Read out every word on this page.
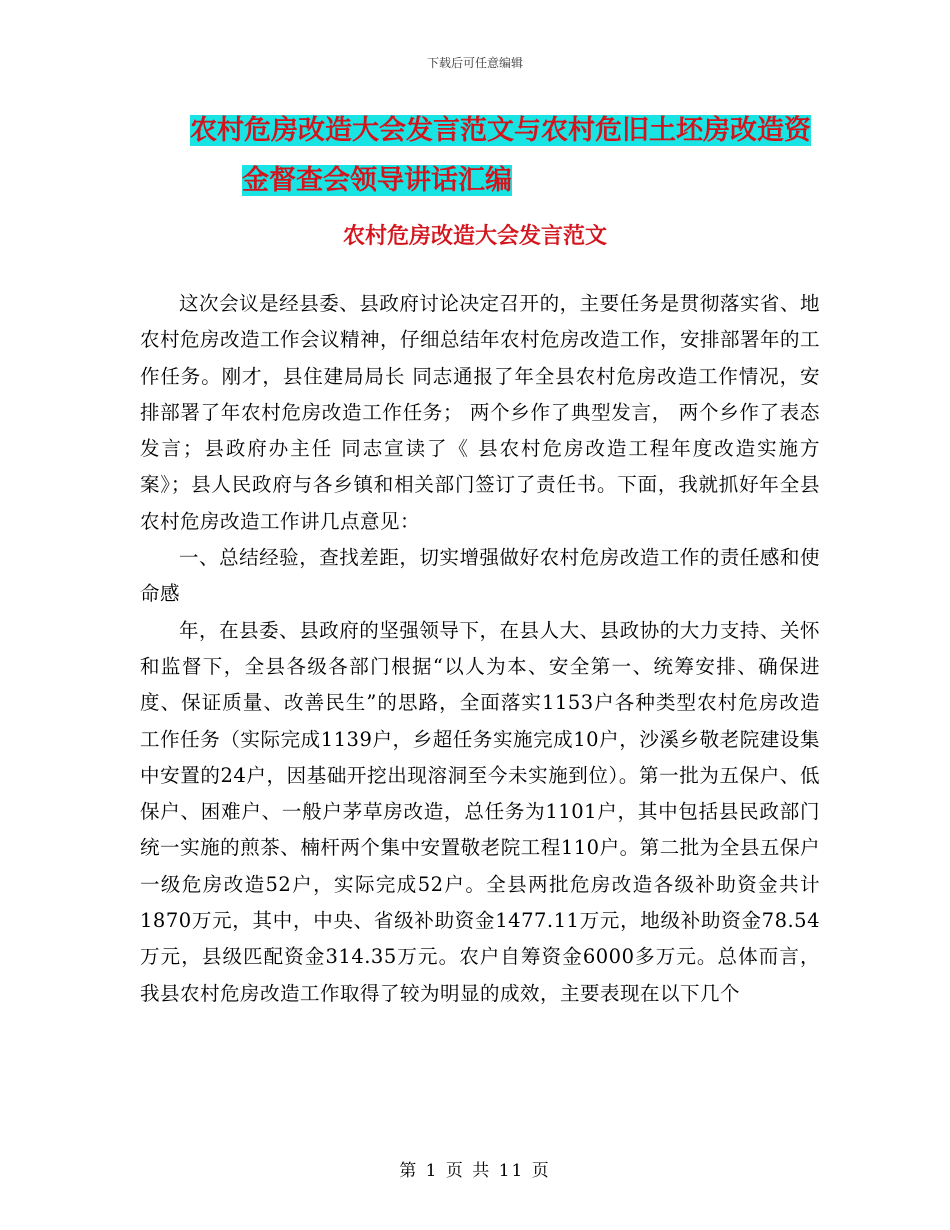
下载后可任意编辑
农村危房改造大会发言范文与农村危旧土坯房改造资
金督查会领导讲话汇编
农村危房改造大会发言范文

这次会议是经县委、县政府讨论决定召开的，主要任务是贯彻落实省、地农村危房改造工作会议精神，仔细总结年农村危房改造工作，安排部署年的工作任务。刚才，县住建局局长 同志通报了年全县农村危房改造工作情况，安排部署了年农村危房改造工作任务； 两个乡作了典型发言， 两个乡作了表态发言；县政府办主任 同志宣读了《 县农村危房改造工程年度改造实施方案》；县人民政府与各乡镇和相关部门签订了责任书。下面，我就抓好年全县农村危房改造工作讲几点意见：

一、总结经验，查找差距，切实增强做好农村危房改造工作的责任感和使命感

年，在县委、县政府的坚强领导下，在县人大、县政协的大力支持、关怀和监督下，全县各级各部门根据“以人为本、安全第一、统筹安排、确保进度、保证质量、改善民生”的思路，全面落实1153户各种类型农村危房改造工作任务（实际完成1139户，乡超任务实施完成10户，沙溪乡敬老院建设集中安置的24户，因基础开挖出现溶洞至今未实施到位）。第一批为五保户、低保户、困难户、一般户茅草房改造，总任务为1101户，其中包括县民政部门统一实施的煎茶、楠杆两个集中安置敬老院工程110户。第二批为全县五保户一级危房改造52户，实际完成52户。全县两批危房改造各级补助资金共计1870万元，其中，中央、省级补助资金1477.11万元，地级补助资金78.54万元，县级匹配资金314.35万元。农户自筹资金6000多万元。总体而言，我县农村危房改造工作取得了较为明显的成效，主要表现在以下几个

第 1 页 共 11 页
